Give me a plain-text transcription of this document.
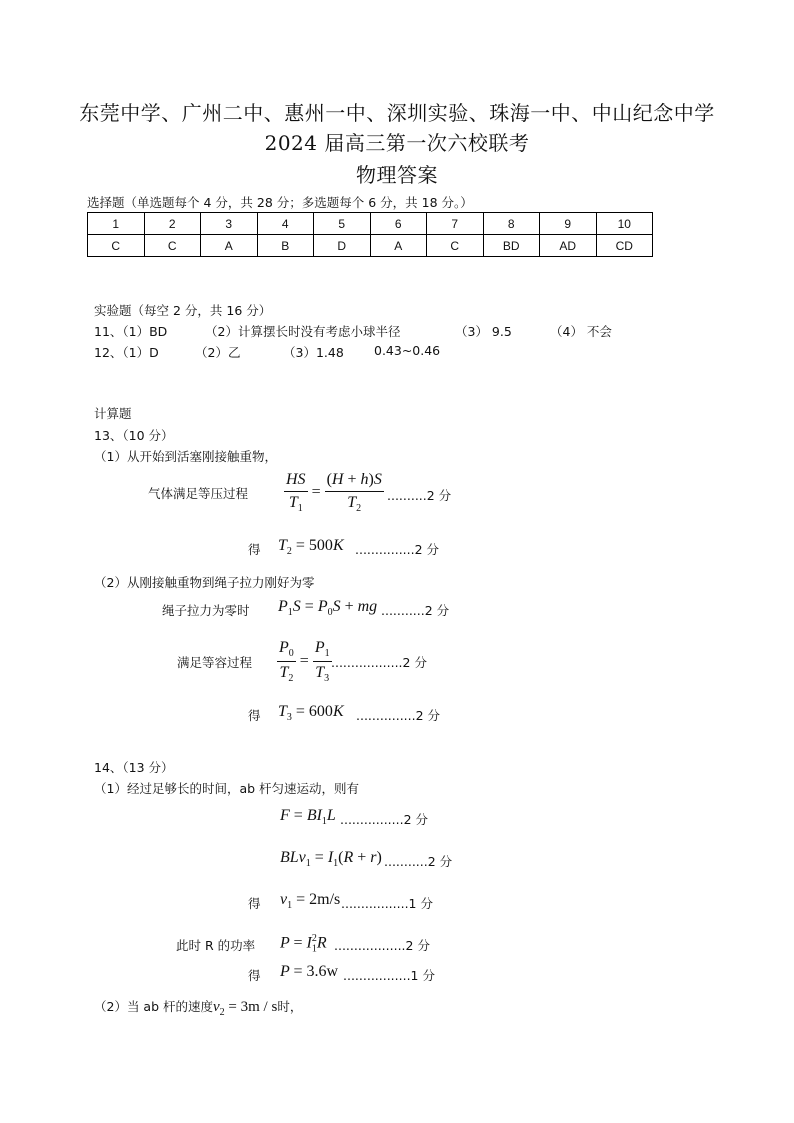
东莞中学、广州二中、惠州一中、深圳实验、珠海一中、中山纪念中学
2024 届高三第一次六校联考
物理答案
选择题（单选题每个 4 分，共 28 分；多选题每个 6 分，共 18 分。）
1	2	3	4	5	6	7	8	9	10
C	C	A	B	D	A	C	BD	AD	CD
实验题（每空 2 分，共 16 分）
11、（1）BD	（2）计算摆长时没有考虑小球半径	（3） 9.5	（4） 不会
12、（1）D	（2）乙	（3）1.48 0.43~0.46
计算题
13、（10 分）
（1）从开始到活塞刚接触重物，
气体满足等压过程 $\frac{HS}{T_1} = \frac{(H + h)S}{T_2} ..........2$ 分
得 $T_2 = 500K$ ...............2 分
（2）从刚接触重物到绳子拉力刚好为零
绳子拉力为零时 $P_1S = P_0S$ + mg ...........2 分
满足等容过程 $\frac{P_0}{T_2} = \frac{P_1}{T_3} ..................2$ 分
得 $T_3 = 600K$ ...............2 分
14、（13 分）
（1）经过足够长的时间，ab 杆匀速运动，则有
$F = BI_1L$ ................2 分
$BLv_1 = I_1(R + r)$ ...........2 分
得 $v_1 = 2m/s$ .................1 分
此时 R 的功率 $P = I_1^2R$ ..................2 分
得 P = 3.6w .................1 分
（2）当 ab 杆的速度$v_2 = 3m / s$时，
